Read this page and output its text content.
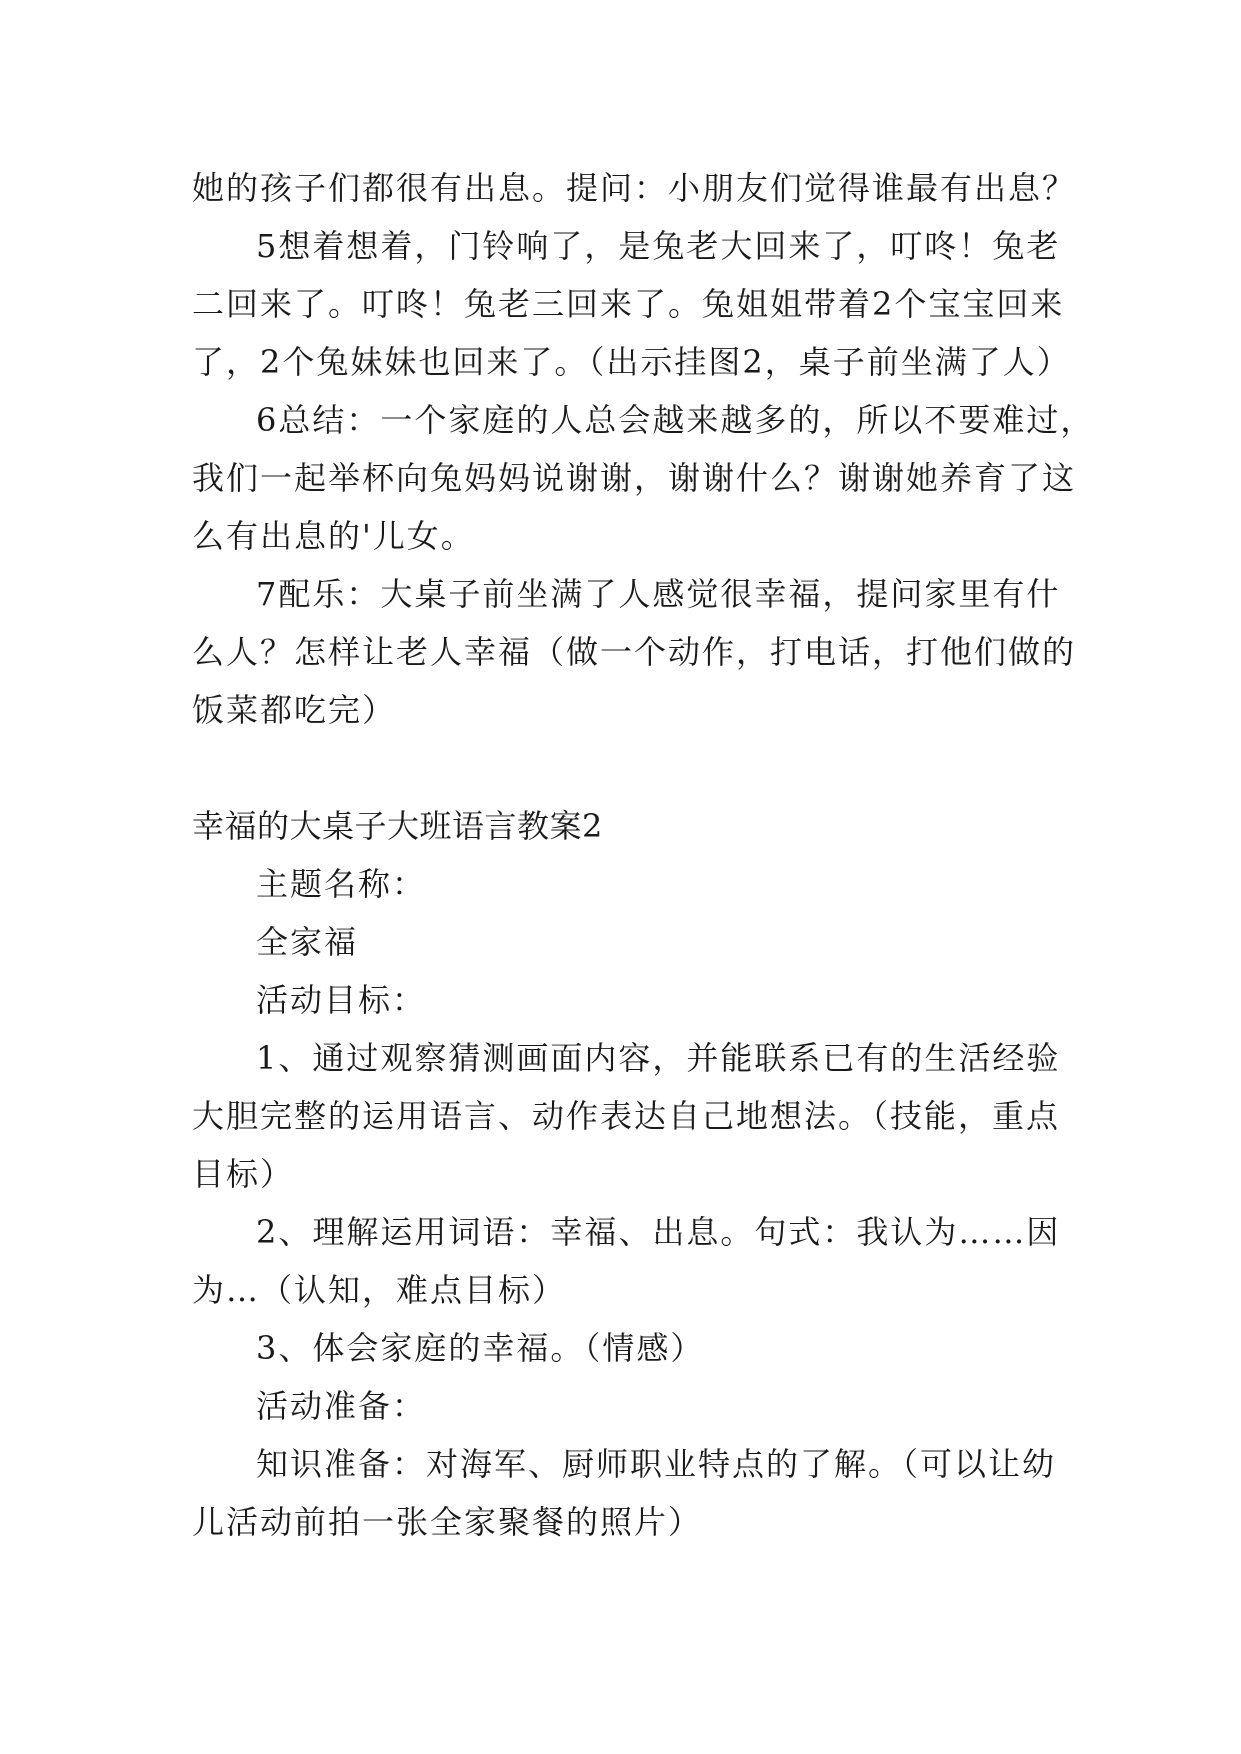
她的孩子们都很有出息。提问：小朋友们觉得谁最有出息？
5想着想着，门铃响了，是兔老大回来了，叮咚！兔老
二回来了。叮咚！兔老三回来了。兔姐姐带着2个宝宝回来
了，2个兔妹妹也回来了。（出示挂图2，桌子前坐满了人）
6总结：一个家庭的人总会越来越多的，所以不要难过，
我们一起举杯向兔妈妈说谢谢，谢谢什么？谢谢她养育了这
么有出息的'儿女。
7配乐：大桌子前坐满了人感觉很幸福，提问家里有什
么人？怎样让老人幸福（做一个动作，打电话，打他们做的
饭菜都吃完）
幸福的大桌子大班语言教案2
主题名称：
全家福
活动目标：
1、通过观察猜测画面内容，并能联系已有的生活经验
大胆完整的运用语言、动作表达自己地想法。（技能，重点
目标）
2、理解运用词语：幸福、出息。句式：我认为……因
为…（认知，难点目标）
3、体会家庭的幸福。（情感）
活动准备：
知识准备：对海军、厨师职业特点的了解。（可以让幼
儿活动前拍一张全家聚餐的照片）
